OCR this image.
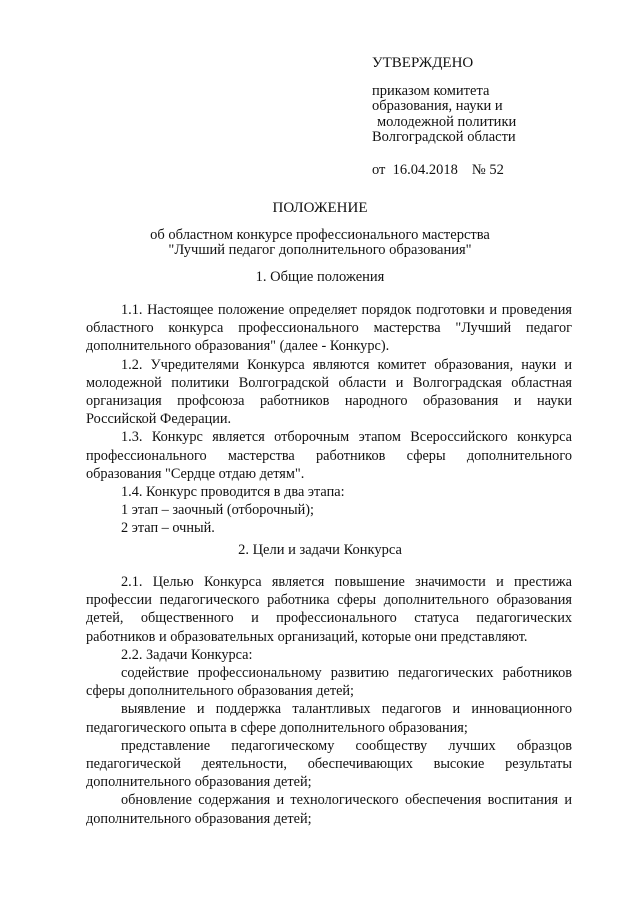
УТВЕРЖДЕНО
приказом комитета
образования, науки и
молодежной политики
Волгоградской области
от 16.04.2018 № 52
ПОЛОЖЕНИЕ
об областном конкурсе профессионального мастерства
"Лучший педагог дополнительного образования"
1. Общие положения

1.1. Настоящее положение определяет порядок подготовки и проведения областного конкурса профессионального мастерства "Лучший педагог дополнительного образования" (далее - Конкурс).

1.2. Учредителями Конкурса являются комитет образования, науки и молодежной политики Волгоградской области и Волгоградская областная организация профсоюза работников народного образования и науки Российской Федерации.

1.3. Конкурс является отборочным этапом Всероссийского конкурса профессионального мастерства работников сферы дополнительного образования "Сердце отдаю детям".

1.4. Конкурс проводится в два этапа:

1 этап – заочный (отборочный);

2 этап – очный.

2. Цели и задачи Конкурса

2.1. Целью Конкурса является повышение значимости и престижа профессии педагогического работника сферы дополнительного образования детей, общественного и профессионального статуса педагогических работников и образовательных организаций, которые они представляют.

2.2. Задачи Конкурса:

содействие профессиональному развитию педагогических работников сферы дополнительного образования детей;

выявление и поддержка талантливых педагогов и инновационного педагогического опыта в сфере дополнительного образования;

представление педагогическому сообществу лучших образцов педагогической деятельности, обеспечивающих высокие результаты дополнительного образования детей;

обновление содержания и технологического обеспечения воспитания и дополнительного образования детей;
